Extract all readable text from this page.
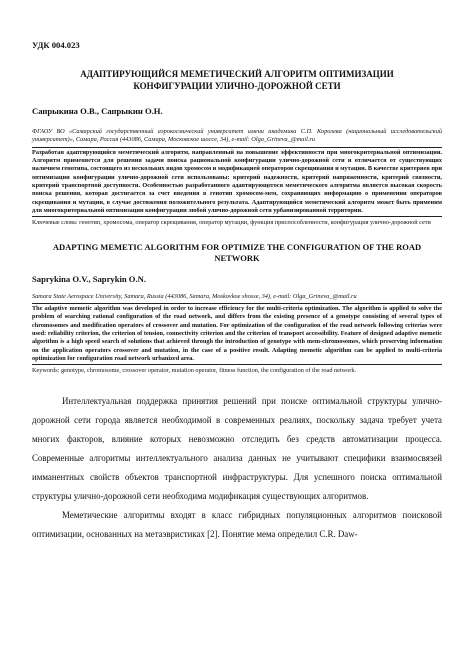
УДК 004.023
АДАПТИРУЮЩИЙСЯ МЕМЕТИЧЕСКИЙ АЛГОРИТМ ОПТИМИЗАЦИИ КОНФИГУРАЦИИ УЛИЧНО-ДОРОЖНОЙ СЕТИ
Сапрыкина О.В., Сапрыкин О.Н.
ФГАОУ ВО «Самарский государственный аэрокосмический университет имени академика С.П. Королева (национальный исследовательский университет)», Самара, Россия (443086, Самара, Московское шоссе, 34), e-mail: Olga_Grineva_@mail.ru

Разработан адаптирующийся меметический алгоритм, направленный на повышение эффективности при многокритериальной оптимизации. Алгоритм применяется для решения задачи поиска рациональной конфигурации улично-дорожной сети и отличается от существующих наличием генотипа, состоящего из нескольких видов хромосом и модификацией операторов скрещивания и мутации. В качестве критериев при оптимизации конфигурации улично-дорожной сети использованы: критерий надежности, критерий напряженности, критерий связности, критерий транспортной доступности. Особенностью разработанного адаптирующегося меметического алгоритма является высокая скорость поиска решения, которая достигается за счет введения в генотип хромосом-мем, сохраняющих информацию о применении операторов скрещивания и мутации, в случае достижения положительного результата. Адаптирующийся меметический алгоритм может быть применим для многокритериальной оптимизации конфигурации любой улично-дорожной сети урбанизированной территории.

Ключевые слова: генотип, хромосома, оператор скрещивания, оператор мутации, функция приспособленности, конфигурация улично-дорожной сети
ADAPTING MEMETIC ALGORITHM FOR OPTIMIZE THE CONFIGURATION OF THE ROAD NETWORK
Saprykina O.V., Saprykin O.N.
Samara State Aerospace University, Samara, Russia (443086, Samara, Moskovkoe shosse, 34), e-mail: Olga_Grineva_@mail.ru

The adaptive memetic algorithm was developed in order to increase efficiency for the multi-criteria optimization. The algorithm is applied to solve the problem of searching rational configuration of the road network, and differs from the existing presence of a genotype consisting of several types of chromosomes and modification operators of crossover and mutation. For optimization of the configuration of the road network following criterias were used: reliability criterion, the criterion of tension, connectivity criterion and the criterion of transport accessibility. Feature of designed adaptive memetic algorithm is a high speed search of solutions that achieved through the introduction of genotype with mem-chromosomes, which preserving information on the application operators crossover and mutation, in the case of a positive result. Adapting memetic algorithm can be applied to multi-criteria optimization for configuration road network urbanized area.

Keywords: genotype, chromosome, crossover operator, mutation operator, fitness function, the configuration of the road network.

Интеллектуальная поддержка принятия решений при поиске оптимальной структуры улично-дорожной сети города является необходимой в современных реалиях, поскольку задача требует учета многих факторов, влияние которых невозможно отследить без средств автоматизации процесса. Современные алгоритмы интеллектуального анализа данных не учитывают специфики взаимосвязей имманентных свойств объектов транспортной инфраструктуры. Для успешного поиска оптимальной структуры улично-дорожной сети необходима модификация существующих алгоритмов.

Меметические алгоритмы входят в класс гибридных популяционных алгоритмов поисковой оптимизации, основанных на метаэвристиках [2]. Понятие мема определил C.R. Daw-
